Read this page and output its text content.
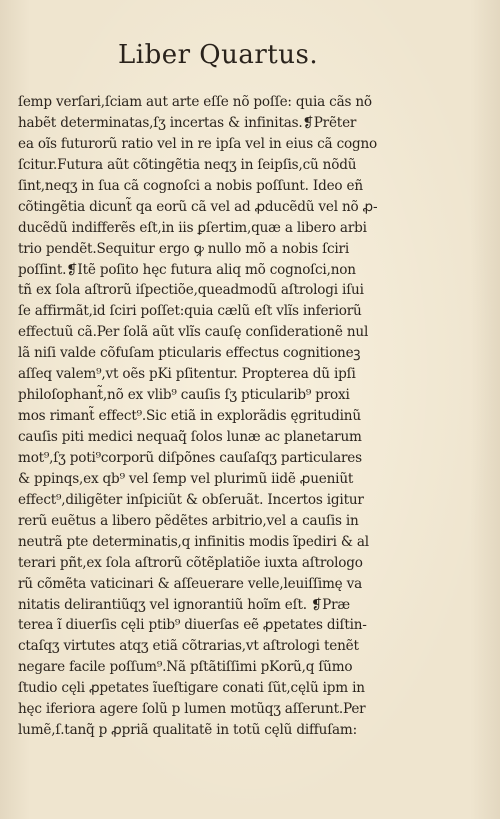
Liber Quartus.
ſemp verſari,ſciam aut arte eſſe nõ poſſe: quia cãs nõ
habẽt determinatas,ſʒ incertas & infinitas.❡Prẽter
ea oĩs futurorũ ratio vel in re ipſa vel in eius cã cogno
ſcitur.Futura aũt cõtingẽtia neqʒ in ſeipſis,cũ nõdũ
ſint,neqʒ in ſua cã cognoſci a nobis poſſunt. Ideo eñ
cõtingẽtia dicunt̃ qa eorũ cã vel ad ꝓducẽdũ vel nõ ꝓ-
ducẽdũ indifferẽs eſt,in iis ꝑſertim,quæ a libero arbi
trio pendẽt.Sequitur ergo ꝙ nullo mõ a nobis ſciri
poſſint.❡Itẽ poſito hęc futura aliq mõ cognoſci,non
tñ ex ſola aſtrorũ iſpectiõe,queadmodũ aſtrologi iſui
ſe affirmãt,id ſciri poſſet:quia cælũ eſt vlĩs inferiorũ
effectuũ cã.Per ſolã aũt vlĩs cauſę conſiderationẽ nul
lã niſi valde cõfuſam pticularis effectus cognitioneꝫ
aſſeq valem⁹,vt oẽs pKi pſitentur. Propterea dũ ipſi
philoſophant̃,nõ ex vlib⁹ cauſis ſʒ pticularib⁹ proxi
mos rimant̃ effect⁹.Sic etiã in explorãdis ęgritudinũ
cauſis piti medici nequaq̃ ſolos lunæ ac planetarum
mot⁹,ſʒ poti⁹corporũ diſpõnes cauſaſqʒ particulares
& ppinqs,ex qb⁹ vel ſemp vel plurimũ iidẽ ꝓueniũt
effect⁹,diligẽter inſpiciũt & obſeruãt. Incertos igitur
rerũ euẽtus a libero pẽdẽtes arbitrio,vel a cauſis in
neutrã pte determinatis,q infinitis modis ĩpediri & al
terari pñt,ex ſola aſtrorũ cõtẽplatiõe iuxta aſtrologo
rũ cõmẽta vaticinari & aſſeuerare velle,leuiſſimę va
nitatis delirantiũqʒ vel ignorantiũ hoĩm eſt. ❡Præ
terea ĩ diuerſis cęli ptib⁹ diuerſas eẽ ꝓpetates diſtin-
ctaſqʒ virtutes atqʒ etiã cõtrarias,vt aſtrologi tenẽt
negare facile poſſum⁹.Nã pſtãtiſſimi pKorũ,q ſũmo
ſtudio cęli ꝓpetates ĩueſtigare conati ſũt,cęlũ ipm in
hęc iferiora agere ſolũ p lumen motũqʒ aſſerunt.Per
lumẽ,ſ.tanq̃ p ꝓpriã qualitatẽ in totũ cęlũ diffuſam:
